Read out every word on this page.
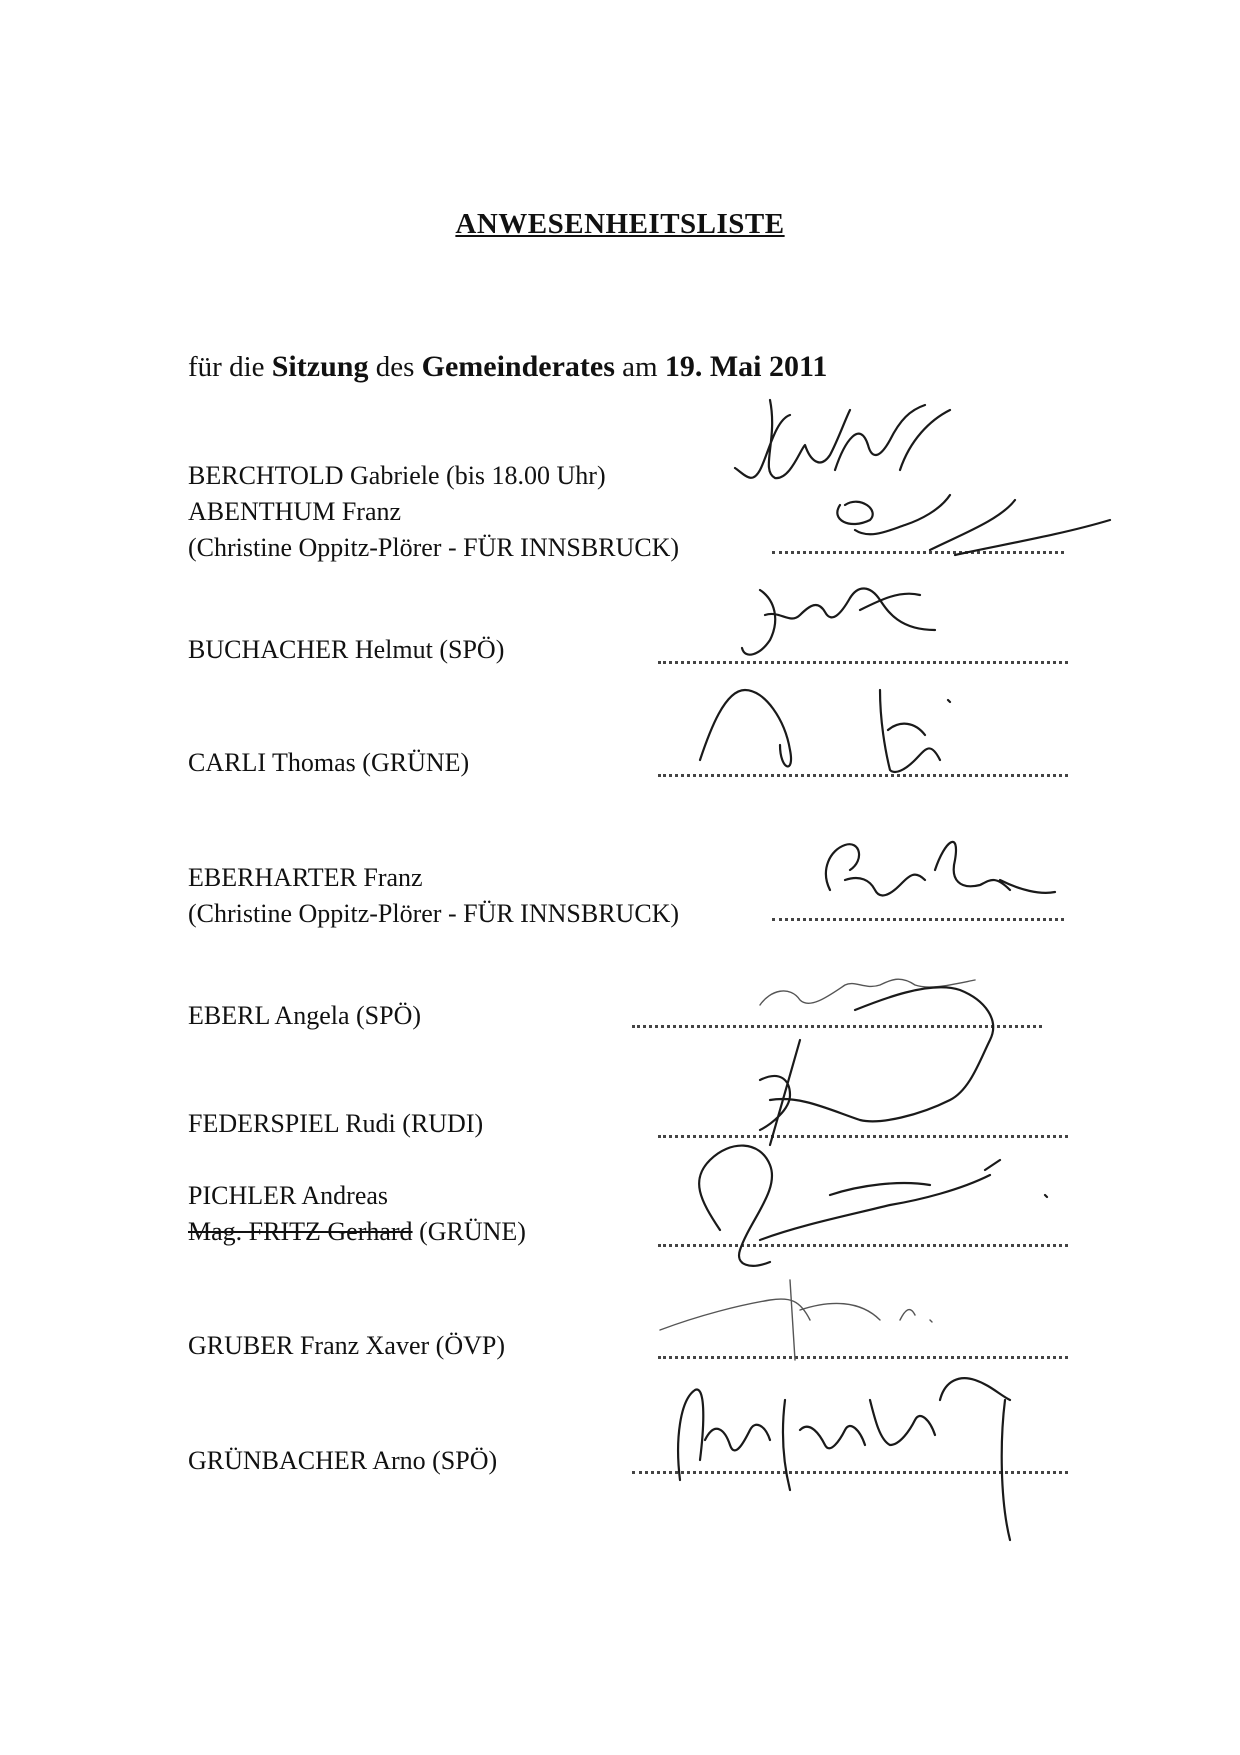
ANWESENHEITSLISTE
für die Sitzung des Gemeinderates am 19. Mai 2011
BERCHTOLD Gabriele (bis 18.00 Uhr)
ABENTHUM Franz
(Christine Oppitz-Plörer - FÜR INNSBRUCK)
BUCHACHER Helmut (SPÖ)
CARLI Thomas (GRÜNE)
EBERHARTER Franz
(Christine Oppitz-Plörer - FÜR INNSBRUCK)
EBERL Angela (SPÖ)
FEDERSPIEL Rudi (RUDI)
PICHLER Andreas
Mag. FRITZ Gerhard (GRÜNE)
GRUBER Franz Xaver (ÖVP)
GRÜNBACHER Arno (SPÖ)
